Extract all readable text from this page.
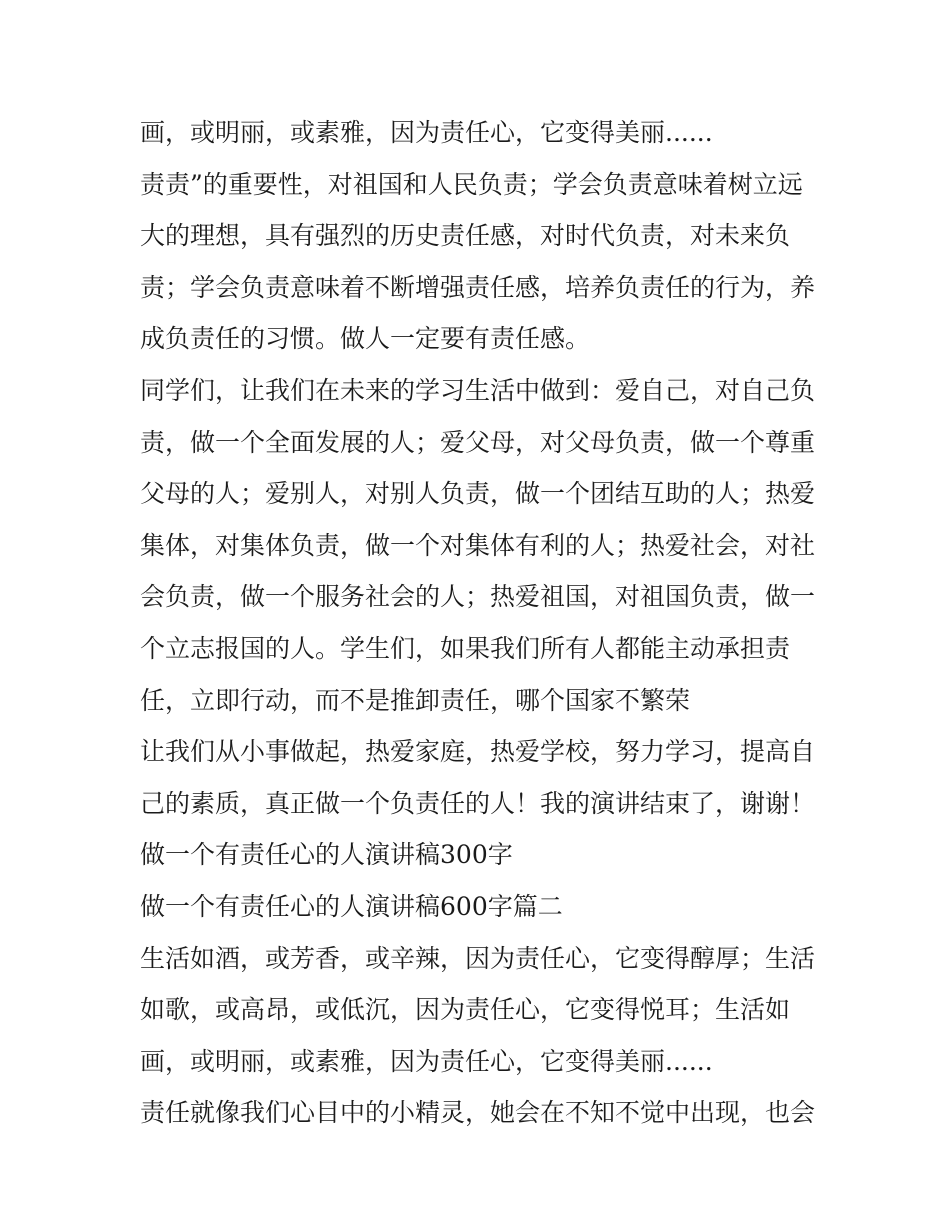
画，或明丽，或素雅，因为责任心，它变得美丽......
责责”的重要性，对祖国和人民负责；学会负责意味着树立远
大的理想，具有强烈的历史责任感，对时代负责，对未来负
责；学会负责意味着不断增强责任感，培养负责任的行为，养
成负责任的习惯。做人一定要有责任感。
同学们，让我们在未来的学习生活中做到：爱自己，对自己负
责，做一个全面发展的人；爱父母，对父母负责，做一个尊重
父母的人；爱别人，对别人负责，做一个团结互助的人；热爱
集体，对集体负责，做一个对集体有利的人；热爱社会，对社
会负责，做一个服务社会的人；热爱祖国，对祖国负责，做一
个立志报国的人。学生们，如果我们所有人都能主动承担责
任，立即行动，而不是推卸责任，哪个国家不繁荣
让我们从小事做起，热爱家庭，热爱学校，努力学习，提高自
己的素质，真正做一个负责任的人！我的演讲结束了，谢谢！
做一个有责任心的人演讲稿300字
做一个有责任心的人演讲稿600字篇二
生活如酒，或芳香，或辛辣，因为责任心，它变得醇厚；生活
如歌，或高昂，或低沉，因为责任心，它变得悦耳；生活如
画，或明丽，或素雅，因为责任心，它变得美丽......
责任就像我们心目中的小精灵，她会在不知不觉中出现，也会
